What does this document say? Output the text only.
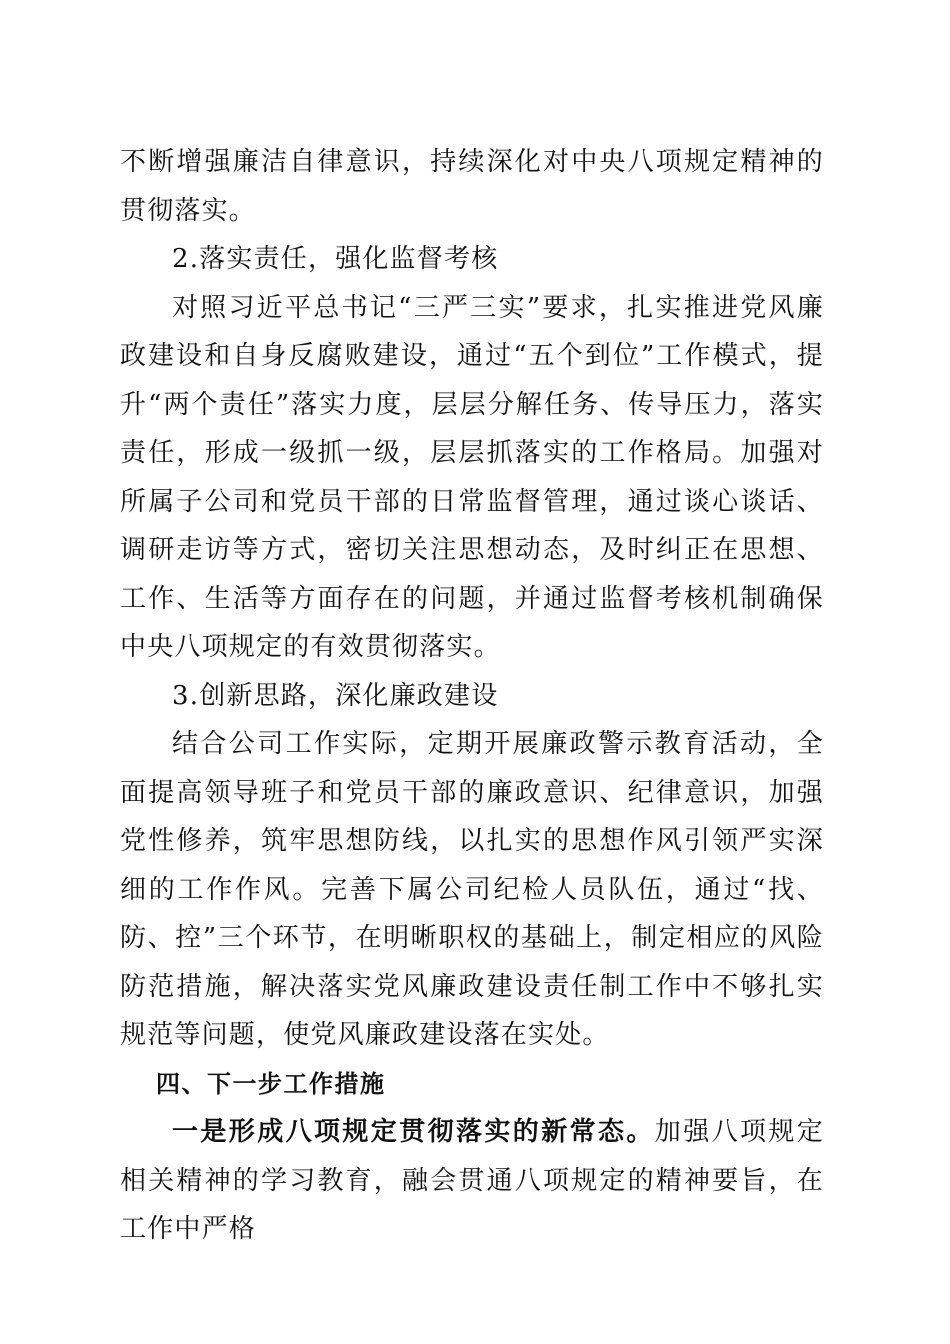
不断增强廉洁自律意识，持续深化对中央八项规定精神的贯彻落实。

2.落实责任，强化监督考核

对照习近平总书记“三严三实”要求，扎实推进党风廉政建设和自身反腐败建设，通过“五个到位”工作模式，提升“两个责任”落实力度，层层分解任务、传导压力，落实责任，形成一级抓一级，层层抓落实的工作格局。加强对所属子公司和党员干部的日常监督管理，通过谈心谈话、调研走访等方式，密切关注思想动态，及时纠正在思想、工作、生活等方面存在的问题，并通过监督考核机制确保中央八项规定的有效贯彻落实。

3.创新思路，深化廉政建设

结合公司工作实际，定期开展廉政警示教育活动，全面提高领导班子和党员干部的廉政意识、纪律意识，加强党性修养，筑牢思想防线，以扎实的思想作风引领严实深细的工作作风。完善下属公司纪检人员队伍，通过“找、防、控”三个环节，在明晰职权的基础上，制定相应的风险防范措施，解决落实党风廉政建设责任制工作中不够扎实规范等问题，使党风廉政建设落在实处。

四、下一步工作措施

一是形成八项规定贯彻落实的新常态。加强八项规定相关精神的学习教育，融会贯通八项规定的精神要旨，在工作中严格
